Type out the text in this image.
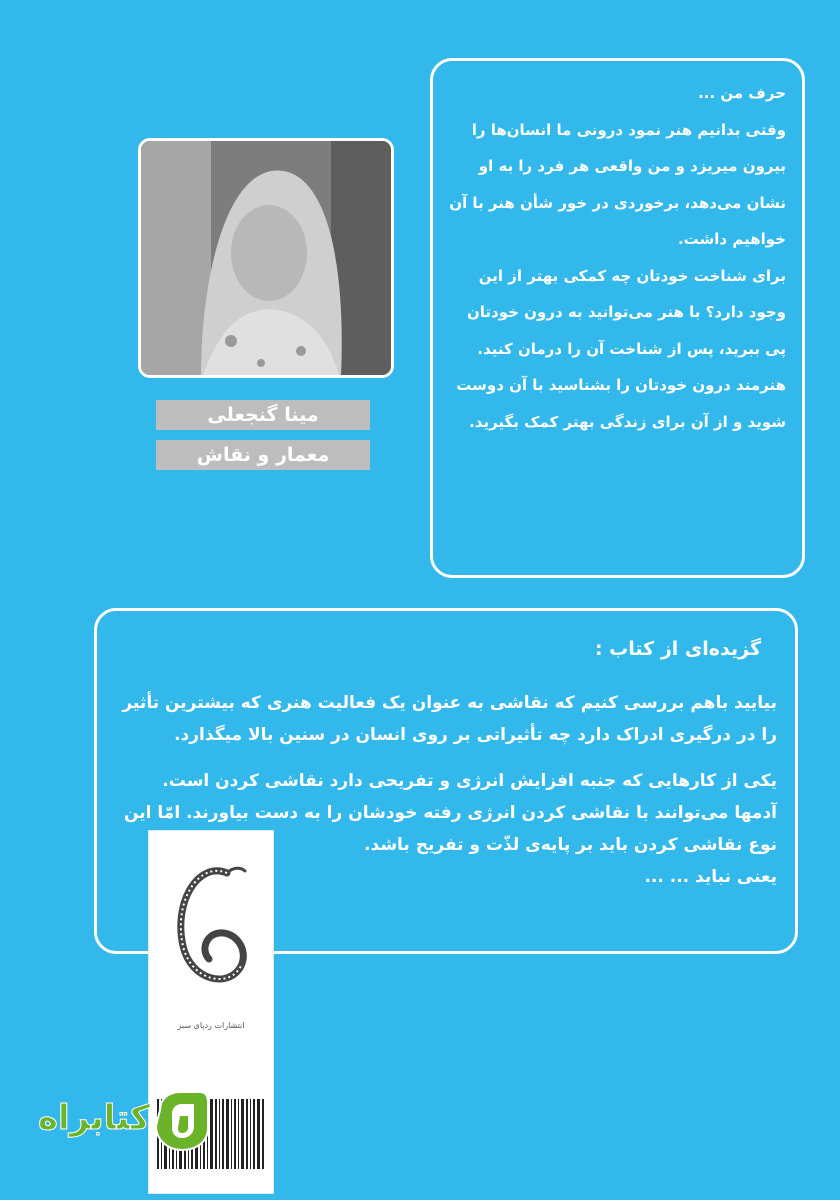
حرف من ...

وقتی بدانیم هنر نمود درونی ما انسان‌ها را بیرون میریزد و من واقعی هر فرد را به او نشان می‌دهد، برخوردی در خور شأن هنر با آن خواهیم داشت.

برای شناخت خودتان چه کمکی بهتر از این وجود دارد؟ با هنر می‌توانید به درون خودتان پی ببرید، پس از شناخت آن را درمان کنید.

هنرمند درون خودتان را بشناسید با آن دوست شوید و از آن برای زندگی بهتر کمک بگیرید.

مینا گنجعلی
معمار و نقاش
گزیده‌ای از کتاب :

بیایید باهم بررسی کنیم که نقاشی به عنوان یک فعالیت هنری که بیشترین تأثیر را در درگیری ادراک دارد چه تأثیراتی بر روی انسان در سنین بالا میگذارد.

یکی از کارهایی که جنبه افزایش انرژی و تفریحی دارد نقاشی کردن است. آدمها می‌توانند با نقاشی کردن انرژی رفته خودشان را به دست بیاورند. امّا این نوع نقاشی کردن باید بر پایه‌ی لذّت و تفریح باشد.

یعنی نباید ... ...

انتشارات ردپای سبز
کتابراه
